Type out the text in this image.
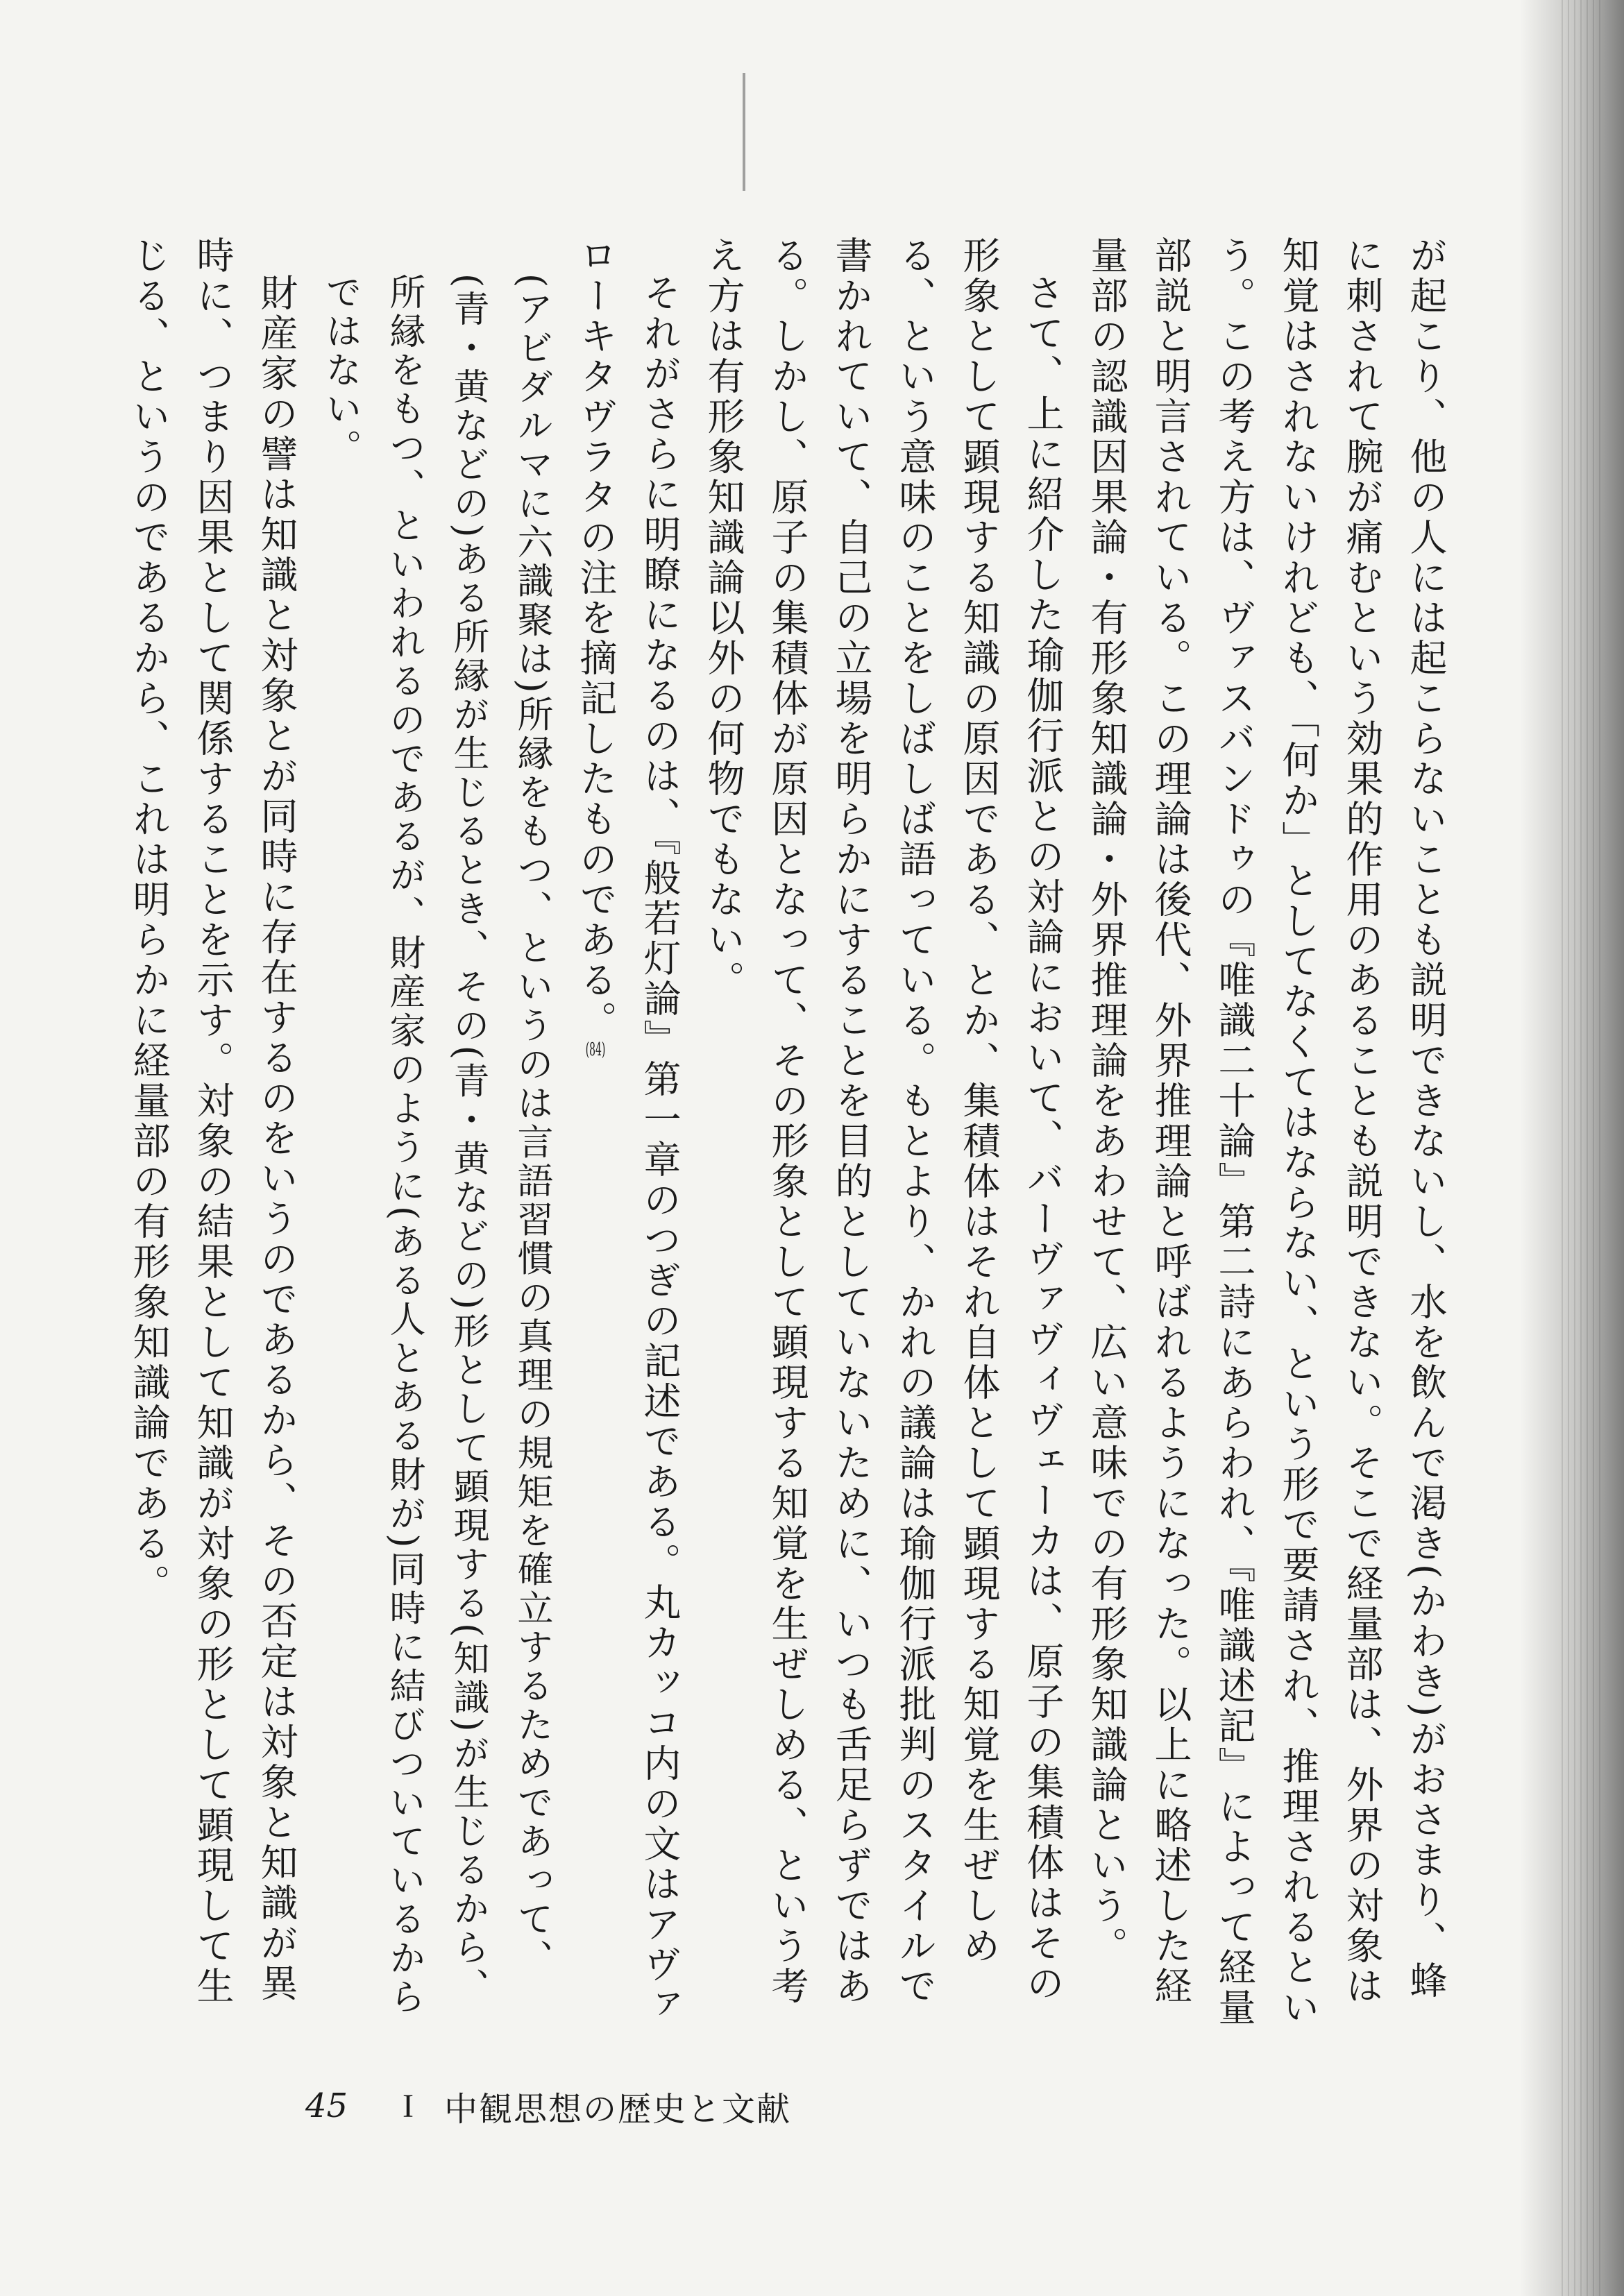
が起こり、他の人には起こらないことも説明できないし、水を飲んで渇き(かわき)がおさまり、蜂に刺されて腕が痛むという効果的作用のあることも説明できない。そこで経量部は、外界の対象は知覚はされないけれども、「何か」としてなくてはならない、という形で要請され、推理されるという。この考え方は、ヴァスバンドゥの『唯識二十論』第二詩にあらわれ、『唯識述記』によって経量部説と明言されている。この理論は後代、外界推理論と呼ばれるようになった。以上に略述した経量部の認識因果論・有形象知識論・外界推理論をあわせて、広い意味での有形象知識論という。

さて、上に紹介した瑜伽行派との対論において、バーヴァヴィヴェーカは、原子の集積体はその形象として顕現する知識の原因である、とか、集積体はそれ自体として顕現する知覚を生ぜしめる、という意味のことをしばしば語っている。もとより、かれの議論は瑜伽行派批判のスタイルで書かれていて、自己の立場を明らかにすることを目的としていないために、いつも舌足らずではある。しかし、原子の集積体が原因となって、その形象として顕現する知覚を生ぜしめる、という考え方は有形象知識論以外の何物でもない。

それがさらに明瞭になるのは、『般若灯論』第一章のつぎの記述である。丸カッコ内の文はアヴァローキタヴラタの注を摘記したものである。(84)

(アビダルマに六識聚は)所縁をもつ、というのは言語習慣の真理の規矩を確立するためであって、(青・黄などの)ある所縁が生じるとき、その(青・黄などの)形として顕現する(知識)が生じるから、所縁をもつ、といわれるのであるが、財産家のように(ある人とある財が)同時に結びついているからではない。

財産家の譬は知識と対象とが同時に存在するのをいうのであるから、その否定は対象と知識が異時に、つまり因果として関係することを示す。対象の結果として知識が対象の形として顕現して生じる、というのであるから、これは明らかに経量部の有形象知識論である。

45	I 中観思想の歴史と文献
